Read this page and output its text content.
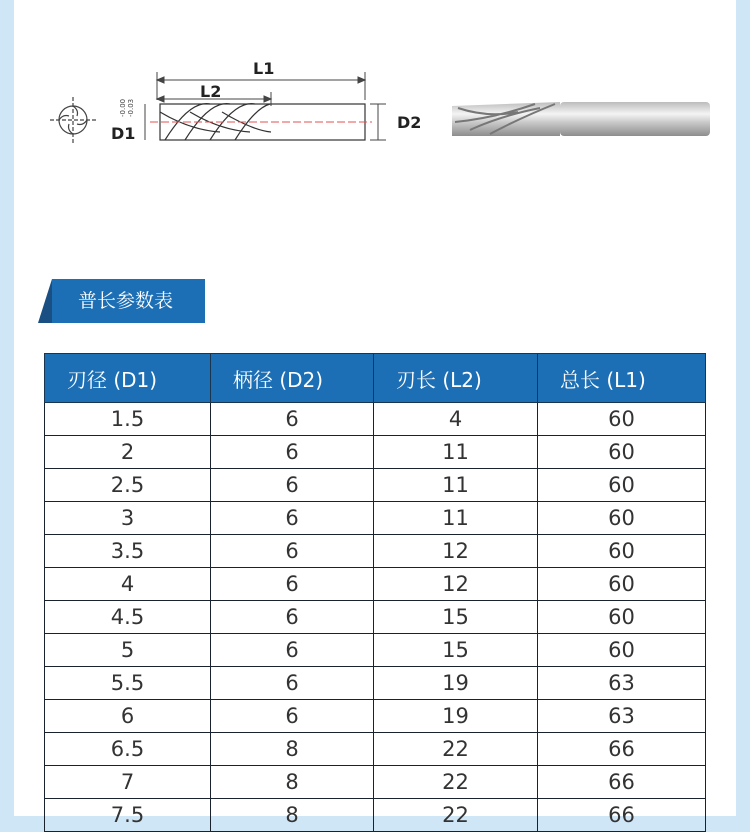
L1
L2
D1
D2
-0.00 -0.03
普长参数表
刃径 (D1)	柄径 (D2)	刃长 (L2)	总长 (L1)
1.5	6	4	60
2	6	11	60
2.5	6	11	60
3	6	11	60
3.5	6	12	60
4	6	12	60
4.5	6	15	60
5	6	15	60
5.5	6	19	63
6	6	19	63
6.5	8	22	66
7	8	22	66
7.5	8	22	66
